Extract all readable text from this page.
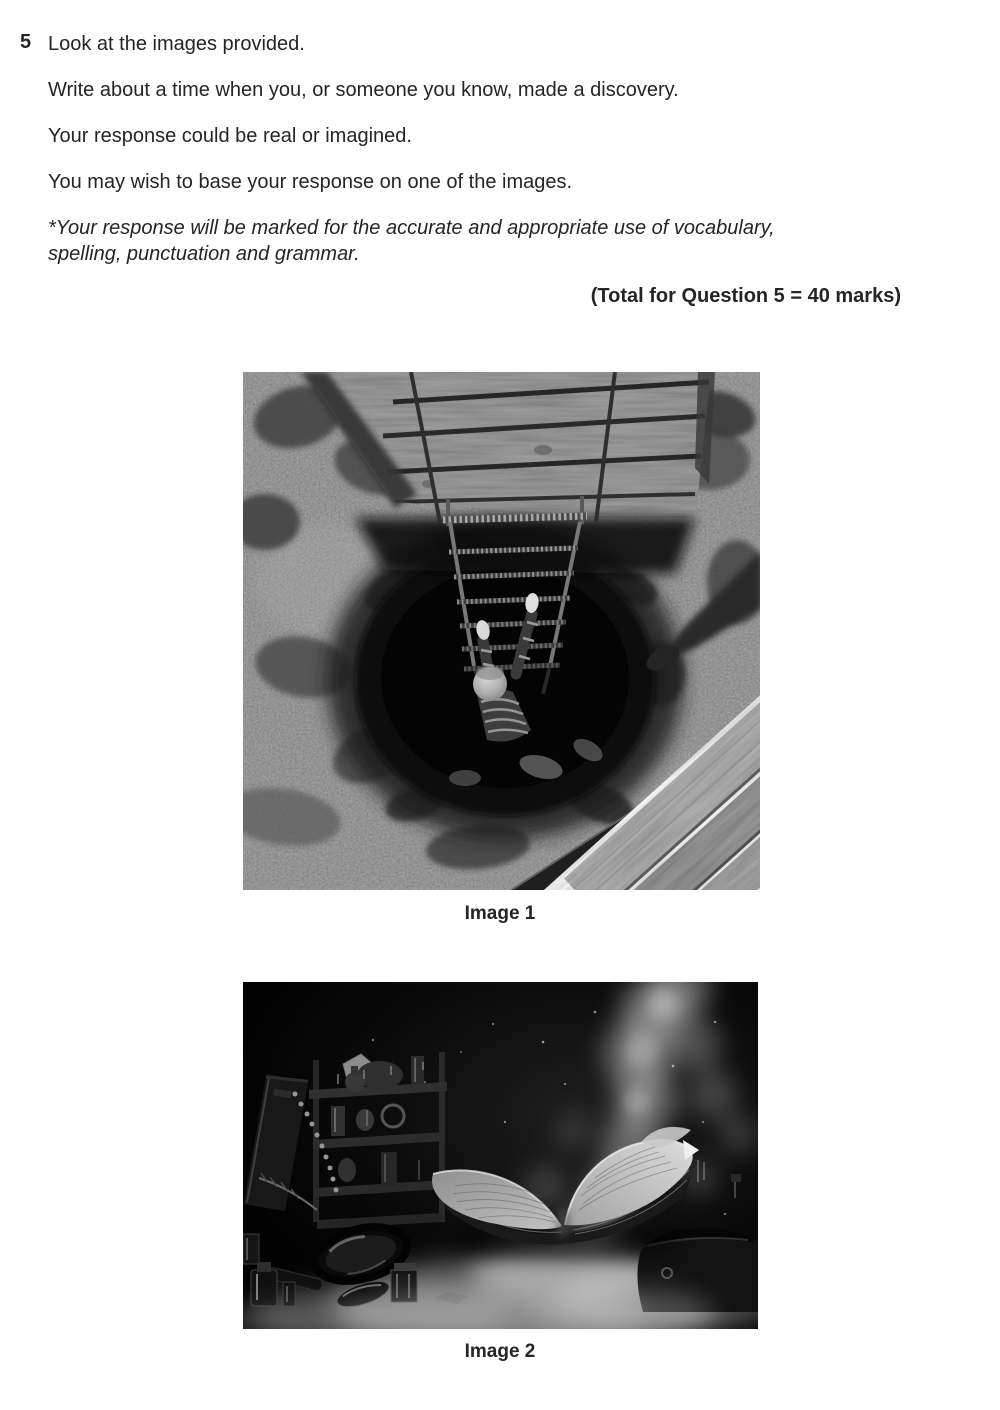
5 Look at the images provided.

Write about a time when you, or someone you know, made a discovery.

Your response could be real or imagined.

You may wish to base your response on one of the images.

*Your response will be marked for the accurate and appropriate use of vocabulary,
spelling, punctuation and grammar.

(Total for Question 5 = 40 marks)

Image 1

Image 2
